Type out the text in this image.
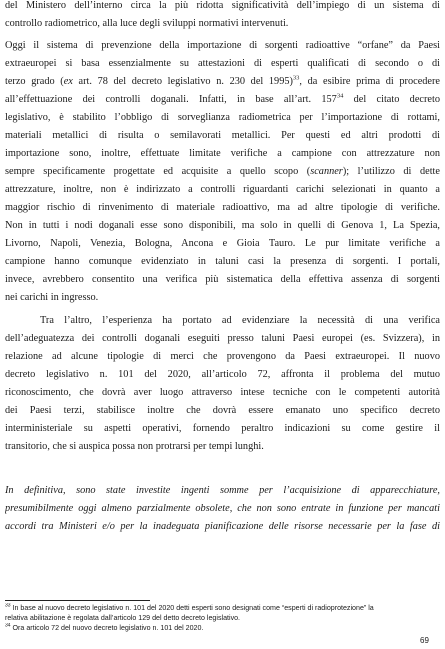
del Ministero dell’interno circa la più ridotta significatività dell’impiego di un sistema di
controllo radiometrico, alla luce degli sviluppi normativi intervenuti.
Oggi il sistema di prevenzione della importazione di sorgenti radioattive “orfane” da Paesi
extraeuropei si basa essenzialmente su attestazioni di esperti qualificati di secondo o di
terzo grado (ex art. 78 del decreto legislativo n. 230 del 1995)$^{33}$, da esibire prima di procedere
all’effettuazione dei controlli doganali. Infatti, in base all’art. $157^{34}$ del citato decreto
legislativo, è stabilito l’obbligo di sorveglianza radiometrica per l’importazione di rottami,
materiali metallici di risulta o semilavorati metallici. Per questi ed altri prodotti di
importazione sono, inoltre, effettuate limitate verifiche a campione con attrezzature non
sempre specificamente progettate ed acquisite a quello scopo (scanner); l’utilizzo di dette
attrezzature, inoltre, non è indirizzato a controlli riguardanti carichi selezionati in quanto a
maggior rischio di rinvenimento di materiale radioattivo, ma ad altre tipologie di verifiche.
Non in tutti i nodi doganali esse sono disponibili, ma solo in quelli di Genova 1, La Spezia,
Livorno, Napoli, Venezia, Bologna, Ancona e Gioia Tauro. Le pur limitate verifiche a
campione hanno comunque evidenziato in taluni casi la presenza di sorgenti. I portali,
invece, avrebbero consentito una verifica più sistematica della effettiva assenza di sorgenti
nei carichi in ingresso.
Tra l’altro, l’esperienza ha portato ad evidenziare la necessità di una verifica
dell’adeguatezza dei controlli doganali eseguiti presso taluni Paesi europei (es. Svizzera), in
relazione ad alcune tipologie di merci che provengono da Paesi extraeuropei. Il nuovo
decreto legislativo n. 101 del 2020, all’articolo 72, affronta il problema del mutuo
riconoscimento, che dovrà aver luogo attraverso intese tecniche con le competenti autorità
dei Paesi terzi, stabilisce inoltre che dovrà essere emanato uno specifico decreto
interministeriale su aspetti operativi, fornendo peraltro indicazioni su come gestire il
transitorio, che si auspica possa non protrarsi per tempi lunghi.
In definitiva, sono state investite ingenti somme per l’acquisizione di apparecchiature,
presumibilmente oggi almeno parzialmente obsolete, che non sono entrate in funzione per mancati
accordi tra Ministeri e/o per la inadeguata pianificazione delle risorse necessarie per la fase di
$^{33}$ In base al nuovo decreto legislativo n. 101 del 2020 detti esperti sono designati come “esperti di radioprotezione” la
relativa abilitazione è regolata dall’articolo 129 del detto decreto legislativo.
$^{34}$ Ora articolo 72 del nuovo decreto legislativo n. 101 del 2020.
69
